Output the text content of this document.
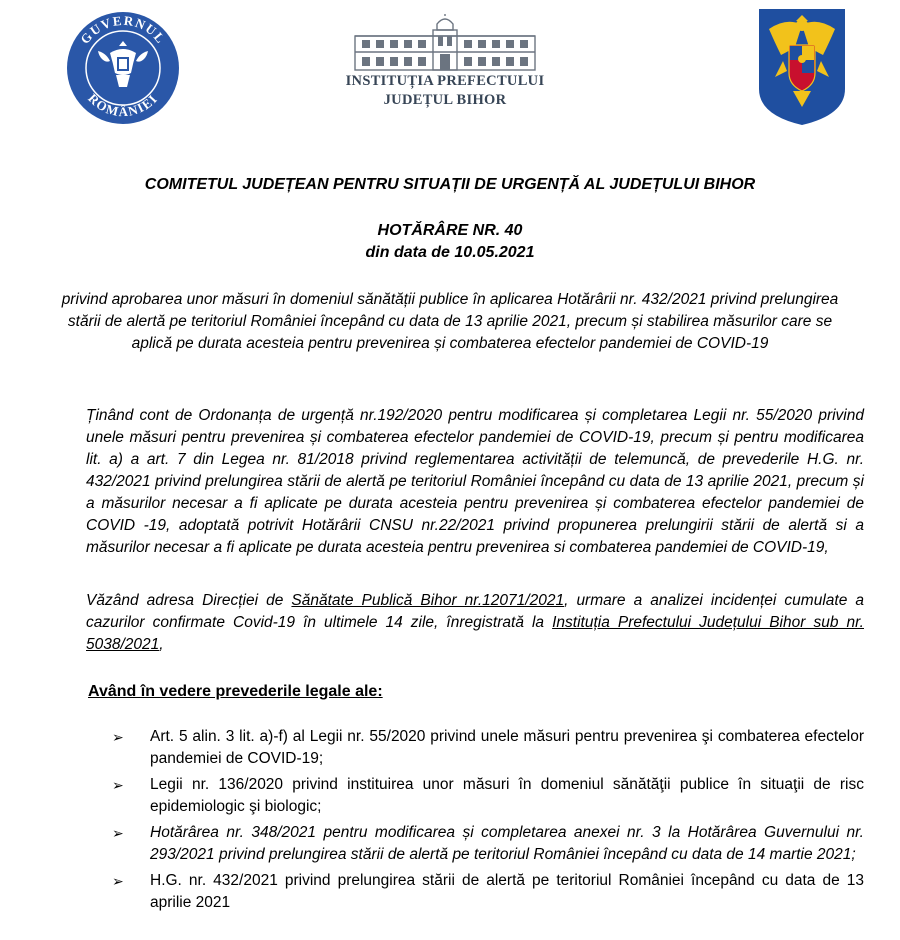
GUVERNUL
ROMÂNIEI
INSTITUȚIA PREFECTULUI
JUDEȚUL BIHOR
COMITETUL JUDEȚEAN PENTRU SITUAȚII DE URGENȚĂ AL JUDEȚULUI BIHOR
HOTĂRÂRE NR. 40
din data de 10.05.2021
privind aprobarea unor măsuri în domeniul sănătății publice în aplicarea Hotărârii nr. 432/2021 privind prelungirea stării de alertă pe teritoriul României începând cu data de 13 aprilie 2021, precum și stabilirea măsurilor care se aplică pe durata acesteia pentru prevenirea și combaterea efectelor pandemiei de COVID-19
Ținând cont de Ordonanța de urgență nr.192/2020 pentru modificarea și completarea Legii nr. 55/2020 privind unele măsuri pentru prevenirea și combaterea efectelor pandemiei de COVID-19, precum și pentru modificarea lit. a) a art. 7 din Legea nr. 81/2018 privind reglementarea activității de telemuncă, de prevederile H.G. nr. 432/2021 privind prelungirea stării de alertă pe teritoriul României începând cu data de 13 aprilie 2021, precum și a măsurilor necesar a fi aplicate pe durata acesteia pentru prevenirea și combaterea efectelor pandemiei de COVID -19, adoptată potrivit Hotărârii CNSU nr.22/2021 privind propunerea prelungirii stării de alertă si a măsurilor necesar a fi aplicate pe durata acesteia pentru prevenirea si combaterea pandemiei de COVID-19,
Văzând adresa Direcției de Sănătate Publică Bihor nr.12071/2021, urmare a analizei incidenței cumulate a cazurilor confirmate Covid-19 în ultimele 14 zile, înregistrată la Instituția Prefectului Județului Bihor sub nr. 5038/2021,
Având în vedere prevederile legale ale:
➢ Art. 5 alin. 3 lit. a)-f) al Legii nr. 55/2020 privind unele măsuri pentru prevenirea şi combaterea efectelor pandemiei de COVID-19;
➢ Legii nr. 136/2020 privind instituirea unor măsuri în domeniul sănătăţii publice în situaţii de risc epidemiologic şi biologic;
➢ Hotărârea nr. 348/2021 pentru modificarea și completarea anexei nr. 3 la Hotărârea Guvernului nr. 293/2021 privind prelungirea stării de alertă pe teritoriul României începând cu data de 14 martie 2021;
➢ H.G. nr. 432/2021 privind prelungirea stării de alertă pe teritoriul României începând cu data de 13 aprilie 2021
